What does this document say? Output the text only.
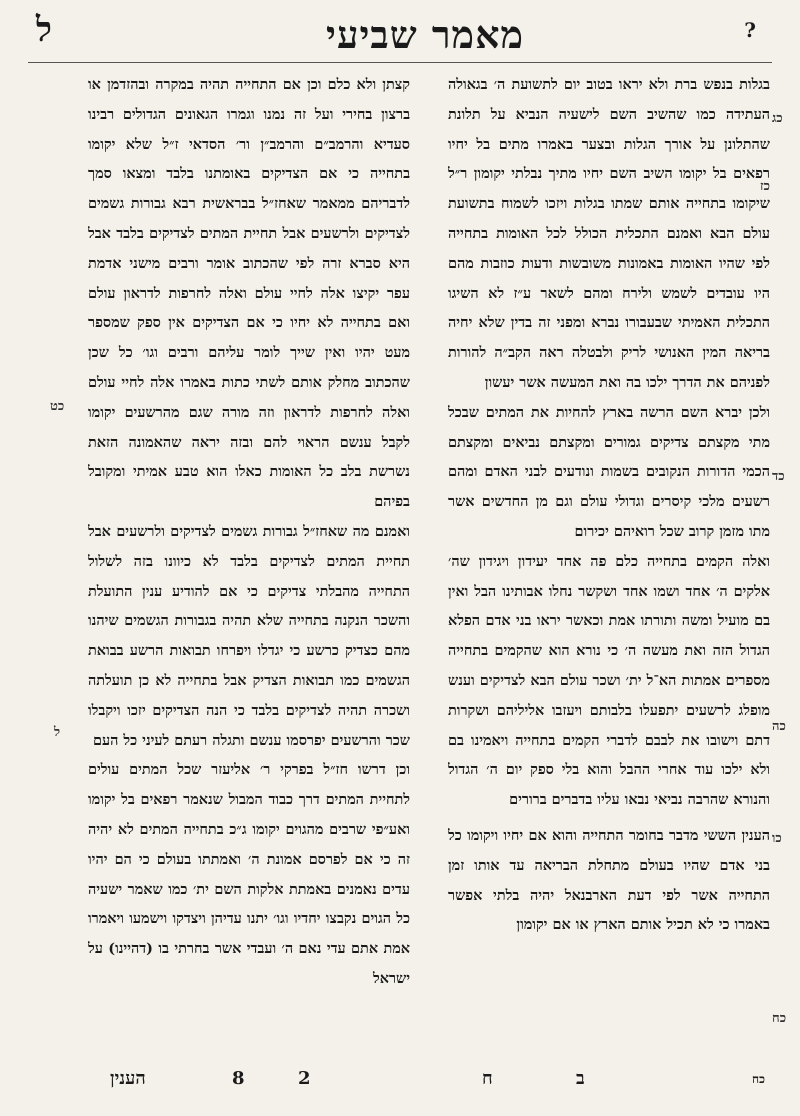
ל	מאמר שביעי	?
כג
כד
כה
כו
כח
כט
ל
כז

בגלות בנפש ברת ולא יראו בטוב יום לתשועת ה׳ בגאולה העתידה כמו שהשיב השם לישעיה הנביא על תלונת שהתלונן על אורך הגלות ובצער באמרו מתים בל יחיו רפאים בל יקומו השיב השם יחיו מתיך נבלתי יקומון ר״ל שיקומו בתחייה אותם שמתו בגלות ויזכו לשמוח בתשועת עולם הבא ואמנם התכלית הכולל לכל האומות בתחייה לפי שהיו האומות באמונות משובשות ודעות כוזבות מהם היו עובדים לשמש ולירח ומהם לשאר ע״ז לא השיגו התכלית האמיתי שבעבורו נברא ומפני זה בדין שלא יחיה בריאה המין האנושי לריק ולבטלה ראה הקב״ה להורות לפניהם את הדרך ילכו בה ואת המעשה אשר יעשון

ולכן יברא השם הרשה בארץ להחיות את המתים שבכל מתי מקצתם צדיקים גמורים ומקצתם נביאים ומקצתם הכמי הדורות הנקובים בשמות ונודעים לבני האדם ומהם רשעים מלכי קיסרים וגדולי עולם וגם מן החדשים אשר מתו מזמן קרוב שכל רואיהם יכירום

ואלה הקמים בתחייה כלם פה אחד יעידון ויגידון שה׳ אלקים ה׳ אחד ושמו אחד ושקשר נחלו אבותינו הבל ואין בם מועיל ומשה ותורתו אמת וכאשר יראו בני אדם הפלא הגדול הזה ואת מעשה ה׳ כי נורא הוא שהקמים בתחייה מספרים אמתות הא־ל ית׳ ושכר עולם הבא לצדיקים וענש מופלג לרשעים יתפעלו בלבותם ויעזבו אליליהם ושקרות דתם וישובו את לבבם לדברי הקמים בתחייה ויאמינו בם ולא ילכו עוד אחרי ההבל והוא בלי ספק יום ה׳ הגדול והנורא שהרבה נביאי נבאו עליו בדברים ברורים

הענין הששי מדבר בחומר התחייה והוא אם יחיו ויקומו כל בני אדם שהיו בעולם מתחלת הבריאה עד אותו זמן התחייה אשר לפי דעת הארבנאל יהיה בלתי אפשר באמרו כי לא תכיל אותם הארץ או אם יקומון

קצתן ולא כלם וכן אם התחייה תהיה במקרה ובהזדמן או ברצון בחירי ועל זה נמנו וגמרו הגאונים הגדולים רבינו סעדיא והרמב״ם והרמב״ן ור׳ הסדאי ז״ל שלא יקומו בתחייה כי אם הצדיקים באומתנו בלבד ומצאו סמך לדבריהם ממאמר שאחז״ל בבראשית רבא גבורות גשמים לצדיקים ולרשעים אבל תחיית המתים לצדיקים בלבד אבל היא סברא זרה לפי שהכתוב אומר ורבים מישני אדמת עפר יקיצו אלה לחיי עולם ואלה לחרפות לדראון עולם ואם בתחייה לא יחיו כי אם הצדיקים אין ספק שמספר מעט יהיו ואין שייך לומר עליהם ורבים וגו׳ כל שכן שהכתוב מחלק אותם לשתי כתות באמרו אלה לחיי עולם ואלה לחרפות לדראון וזה מורה שגם מהרשעים יקומו לקבל ענשם הראוי להם ובזה יראה שהאמונה הזאת נשרשת בלב כל האומות כאלו הוא טבע אמיתי ומקובל בפיהם

ואמנם מה שאחז״ל גבורות גשמים לצדיקים ולרשעים אבל תחיית המתים לצדיקים בלבד לא כיוונו בזה לשלול התחייה מהבלתי צדיקים כי אם להודיע ענין התועלת והשכר הנקנה בתחייה שלא תהיה בגבורות הגשמים שיהנו מהם כצדיק כרשע כי יגדלו ויפרחו תבואות הרשע בבואת הגשמים כמו תבואות הצדיק אבל בתחייה לא כן תועלתה ושכרה תהיה לצדיקים בלבד כי הנה הצדיקים יזכו ויקבלו שכר והרשעים יפרסמו ענשם ותגלה רעתם לעיני כל העם

וכן דרשו חז״ל בפרקי ר׳ אליעזר שכל המתים עולים לתחיית המתים דרך כבוד המבול שנאמר רפאים בל יקומו ואע״פי שרבים מהגוים יקומו ג״כ בתחייה המתים לא יהיה זה כי אם לפרסם אמונת ה׳ ואמתתו בעולם כי הם יהיו עדים נאמנים באמתת אלקות השם ית׳ כמו שאמר ישעיה כל הגוים נקבצו יחדיו וגו׳ יתנו עדיהן ויצדקו וישמעו ויאמרו אמת אתם עדי נאם ה׳ ועבדי אשר בחרתי בו (דהיינו) על ישראל

הענין	8	2	ח	ב	כח
